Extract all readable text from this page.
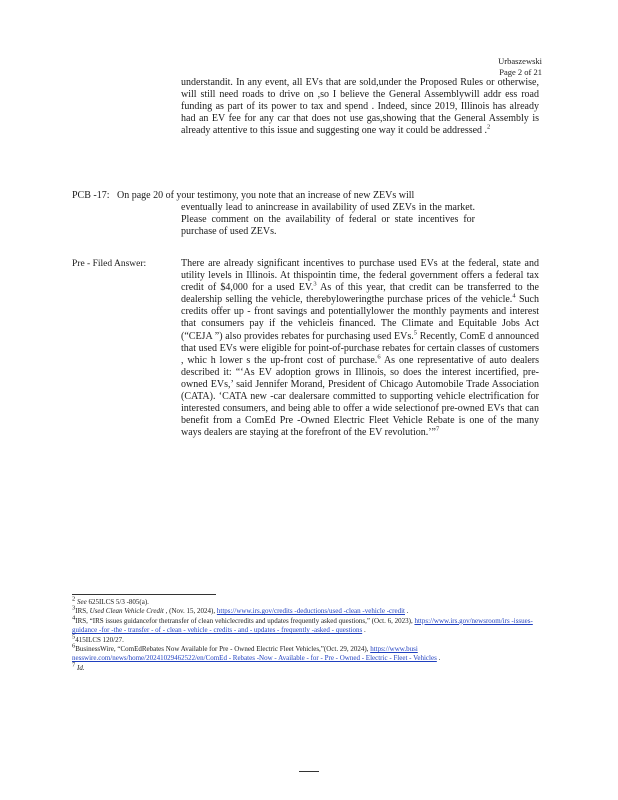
Urbaszewski
Page 2 of 21
understandit. In any event, all EVs that are sold,under the Proposed Rules or otherwise, will still need roads to drive on ,so I believe the General Assemblywill addr ess road funding as part of its power to tax and spend . Indeed, since 2019, Illinois has already had an EV fee for any car that does not use gas,showing that the General Assembly is already attentive to this issue and suggesting one way it could be addressed .$^2$
PCB -17: On page 20 of your testimony, you note that an increase of new ZEVs will
eventually lead to anincrease in availability of used ZEVs in the market. Please comment on the availability of federal or state incentives for purchase of used ZEVs.
Pre - Filed Answer:	There are already significant incentives to purchase used EVs at the federal, state and utility levels in Illinois. At thispointin time, the federal government offers a federal tax credit of $4,000 for a used EV.$^3$ As of this year, that credit can be transferred to the dealership selling the vehicle, therebyloweringthe purchase prices of the vehicle.$^4$ Such credits offer up - front savings and potentiallylower the monthly payments and interest that consumers pay if the vehicleis financed. The Climate and Equitable Jobs Act (“CEJA ”) also provides rebates for purchasing used EVs.$^5$ Recently, ComE d announced that used EVs were eligible for point-of-purchase rebates for certain classes of customers , whic h lower s the up-front cost of purchase.$^6$ As one representative of auto dealers described it: “‘As EV adoption grows in Illinois, so does the interest incertified, pre-owned EVs,’ said Jennifer Morand, President of Chicago Automobile Trade Association (CATA). ‘CATA new -car dealersare committed to supporting vehicle electrification for interested consumers, and being able to offer a wide selectionof pre-owned EVs that can benefit from a ComEd Pre -Owned Electric Fleet Vehicle Rebate is one of the many ways dealers are staying at the forefront of the EV revolution.’”$^7$
$^2$ See 625ILCS 5/3 -805(a).
$^3$IRS, Used Clean Vehicle Credit , (Nov. 15, 2024), https://www.irs.gov/credits -deductions/used -clean -vehicle -credit .
$^4$IRS, “IRS issues guidancefor thetransfer of clean vehiclecredits and updates frequently asked questions,” (Oct. 6, 2023), https://www.irs.gov/newsroom/irs -issues- guidance -for -the - transfer - of - clean - vehicle - credits - and - updates - frequently -asked - questions .
$^5$415ILCS 120/27.
$^6$BusinessWire, “ComEdRebates Now Available for Pre - Owned Electric Fleet Vehicles,”(Oct. 29, 2024), https://www.busi nesswire.com/news/home/20241029462522/en/ComEd - Rebates -Now - Available - for - Pre - Owned - Electric - Fleet - Vehicles .
$^7$ Id.
